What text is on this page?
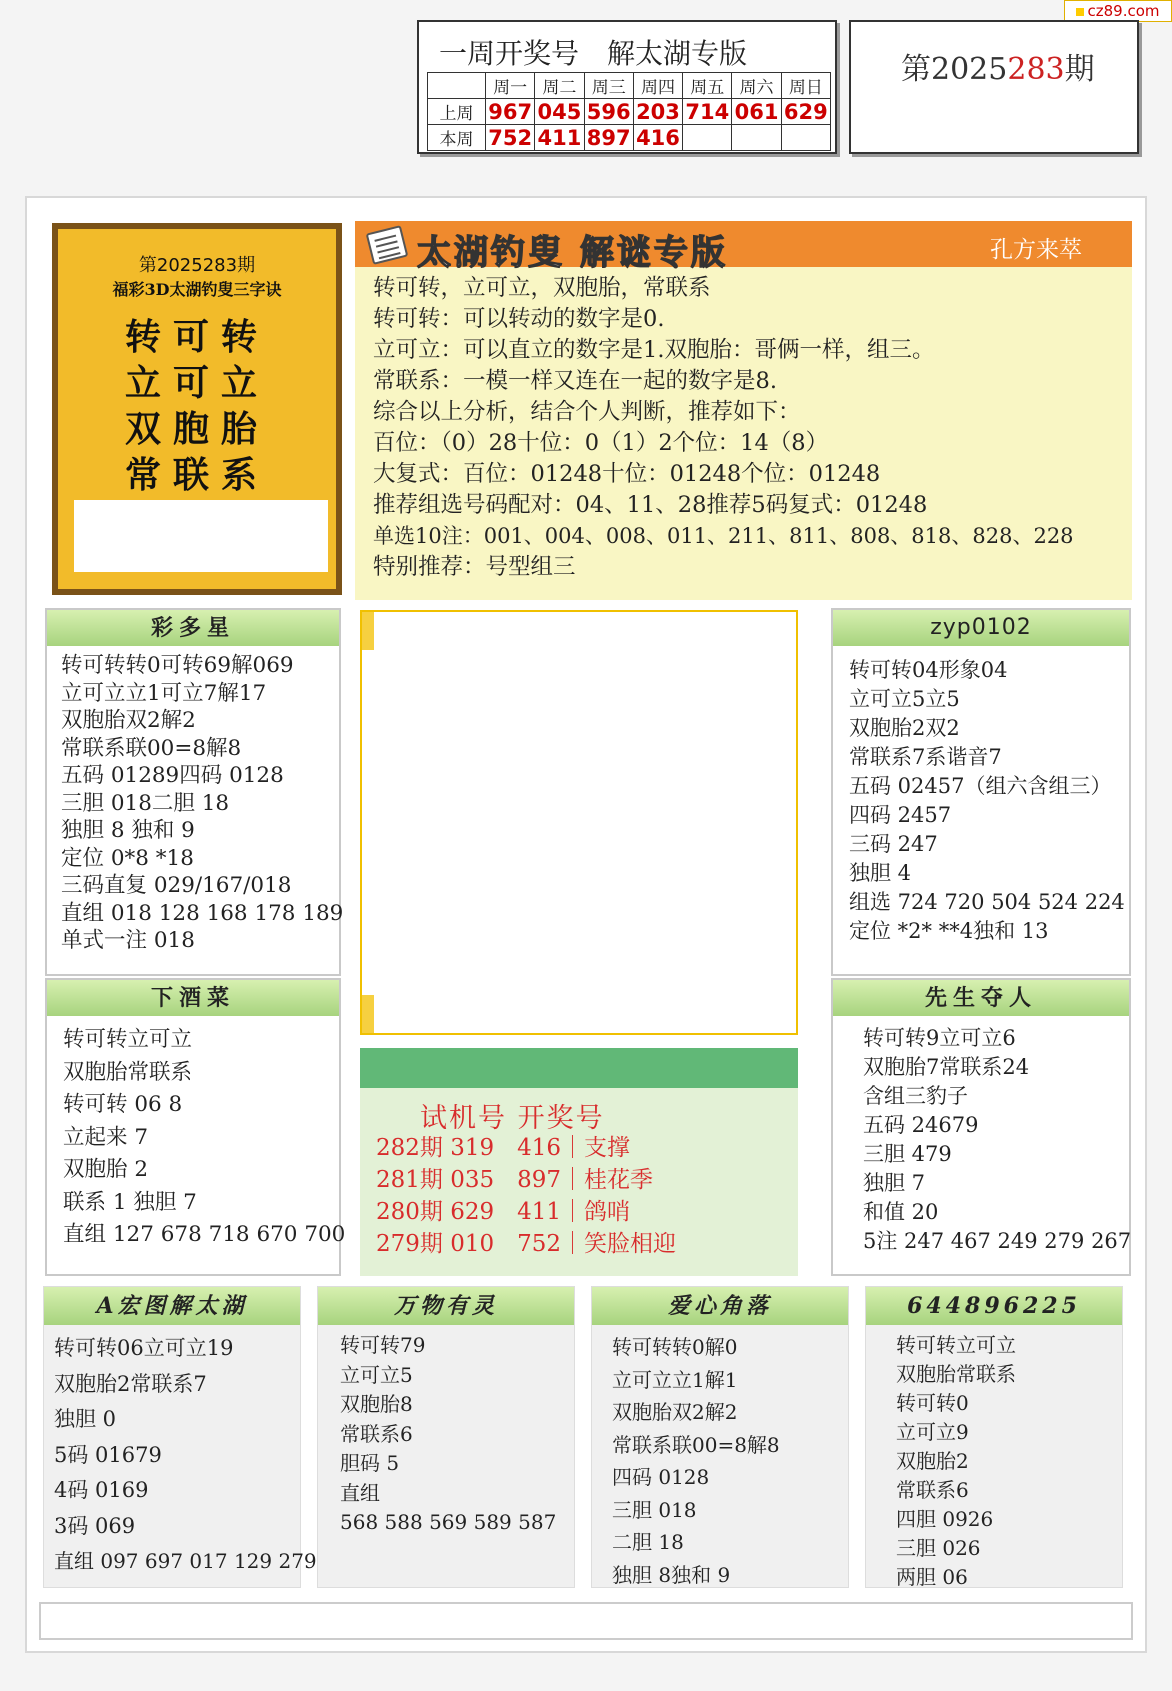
cz89.com
一周开奖号　解太湖专版
	周一	周二	周三	周四	周五	周六	周日
上周	967	045	596	203	714	061	629
本周	752	411	897	416			
第2025283期
第2025283期
福彩3D太湖钓叟三字诀
转可转
立可立
双胞胎
常联系
太湖钓叟 解谜专版	孔方来萃
转可转，立可立，双胞胎，常联系
转可转：可以转动的数字是0.
立可立：可以直立的数字是1.双胞胎：哥俩一样，组三。
常联系：一模一样又连在一起的数字是8.
综合以上分析，结合个人判断，推荐如下：
百位：（0）28十位：0（1）2个位：14（8）
大复式：百位：01248十位：01248个位：01248
推荐组选号码配对：04、11、28推荐5码复式：01248
单选10注：001、004、008、011、211、811、808、818、828、228
特别推荐：号型组三
彩多星
转可转转0可转69解069
立可立立1可立7解17
双胞胎双2解2
常联系联00=8解8
五码 01289四码 0128
三胆 018二胆 18
独胆 8 独和 9
定位 0*8 *18
三码直复 029/167/018
直组 018 128 168 178 189
单式一注 018
下酒菜
转可转立可立
双胞胎常联系
转可转 06 8
立起来 7
双胞胎 2
联系 1 独胆 7
直组 127 678 718 670 700
试机号 开奖号
282期 319　416｜支撑
281期 035　897｜桂花季
280期 629　411｜鸽哨
279期 010　752｜笑脸相迎
zyp0102
转可转04形象04
立可立5立5
双胞胎2双2
常联系7系谐音7
五码 02457（组六含组三）
四码 2457
三码 247
独胆 4
组选 724 720 504 524 224
定位 *2* **4独和 13
先生夺人
转可转9立可立6
双胞胎7常联系24
含组三豹子
五码 24679
三胆 479
独胆 7
和值 20
5注 247 467 249 279 267
A宏图解太湖
转可转06立可立19
双胞胎2常联系7
独胆 0
5码 01679
4码 0169
3码 069
直组 097 697 017 129 279
万物有灵
转可转79
立可立5
双胞胎8
常联系6
胆码 5
直组
568 588 569 589 587
爱心角落
转可转转0解0
立可立立1解1
双胞胎双2解2
常联系联00=8解8
四码 0128
三胆 018
二胆 18
独胆 8独和 9
644896225
转可转立可立
双胞胎常联系
转可转0
立可立9
双胞胎2
常联系6
四胆 0926
三胆 026
两胆 06
